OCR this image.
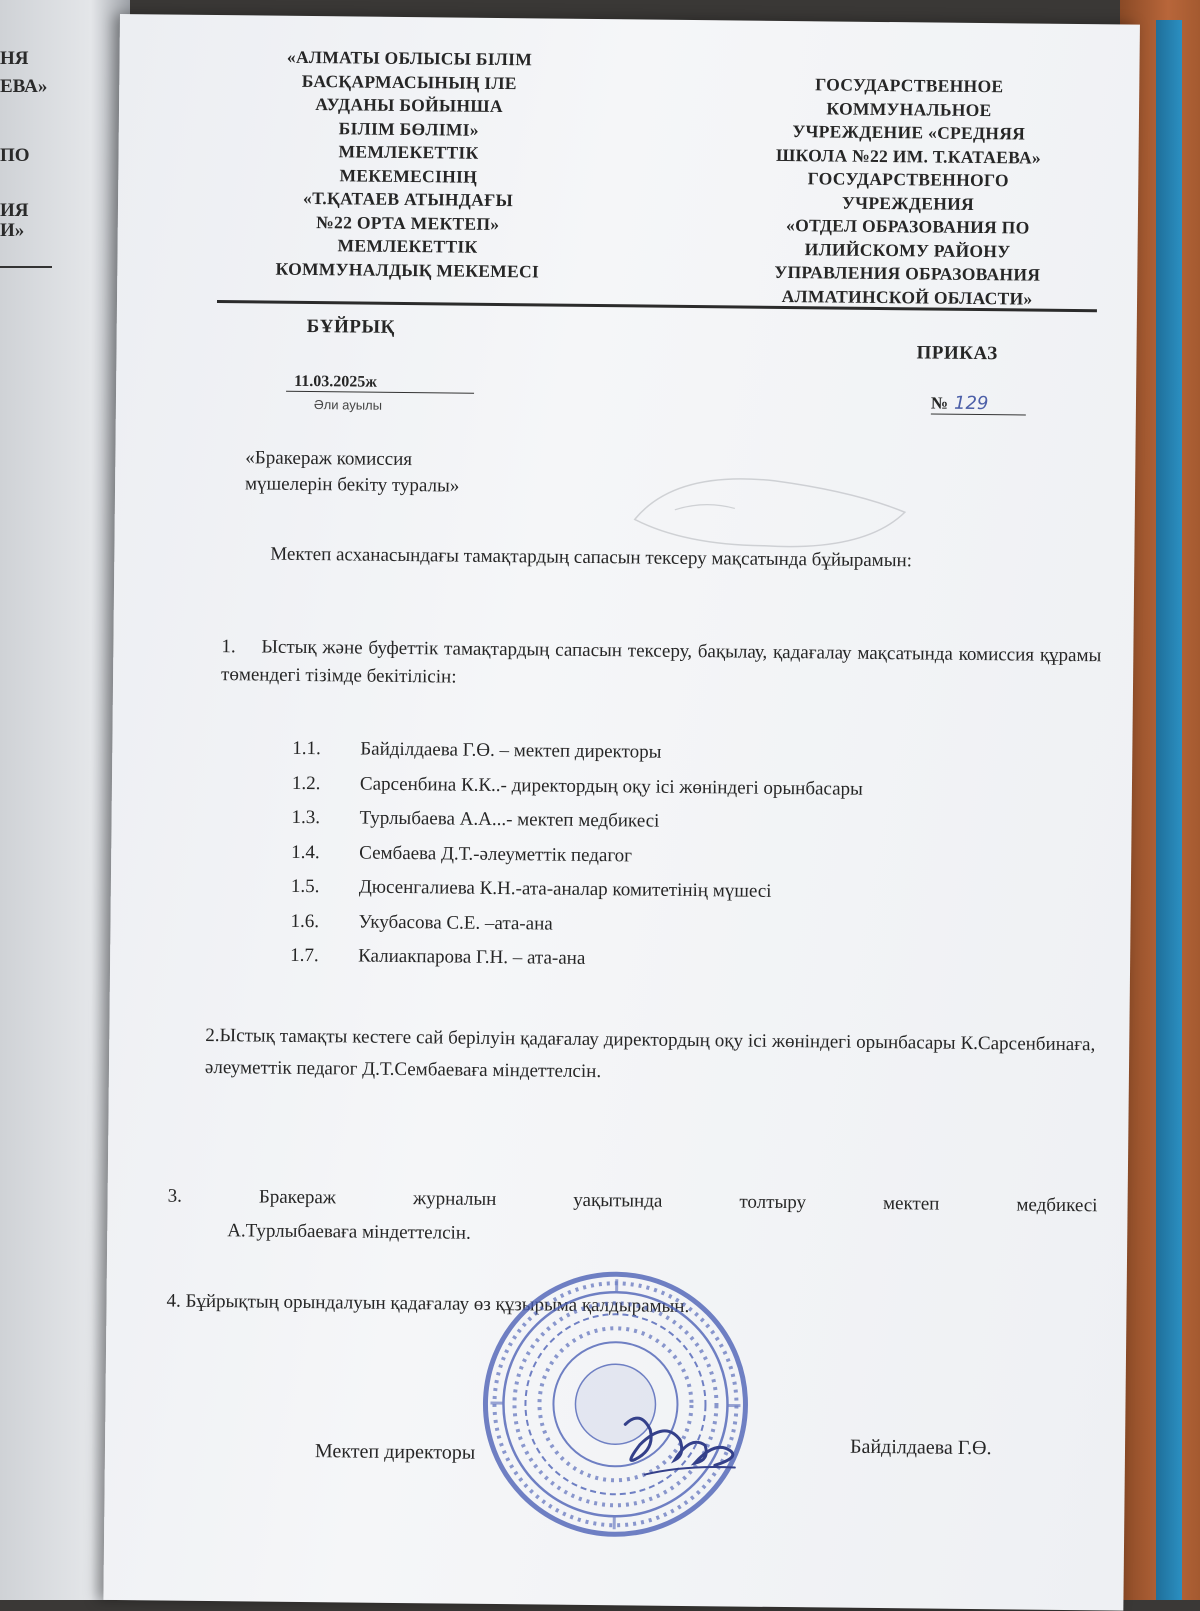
НЯ
ЕВА»
ПО
ИЯ
И»
«АЛМАТЫ ОБЛЫСЫ БІЛІМ
БАСҚАРМАСЫНЫҢ ІЛЕ
АУДАНЫ БОЙЫНША
БІЛІМ БӨЛІМІ»
МЕМЛЕКЕТТІК
МЕКЕМЕСІНІҢ
«Т.ҚАТАЕВ АТЫНДАҒЫ
№22 ОРТА МЕКТЕП»
МЕМЛЕКЕТТІК
КОММУНАЛДЫҚ МЕКЕМЕСІ
ГОСУДАРСТВЕННОЕ
КОММУНАЛЬНОЕ
УЧРЕЖДЕНИЕ «СРЕДНЯЯ
ШКОЛА №22 ИМ. Т.КАТАЕВА»
ГОСУДАРСТВЕННОГО
УЧРЕЖДЕНИЯ
«ОТДЕЛ ОБРАЗОВАНИЯ ПО
ИЛИЙСКОМУ РАЙОНУ
УПРАВЛЕНИЯ ОБРАЗОВАНИЯ
АЛМАТИНСКОЙ ОБЛАСТИ»
БҰЙРЫҚ
ПРИКАЗ
11.03.2025ж
Әли ауылы	№ 129
«Бракераж комиссия
мүшелерін бекіту туралы»
Мектеп асханасындағы тамақтардың сапасын тексеру мақсатында бұйырамын:
1. Ыстық және буфеттік тамақтардың сапасын тексеру, бақылау, қадағалау мақсатында комиссия құрамы төмендегі тізімде бекітілісін:
1.1. Байділдаева Г.Ө. – мектеп директоры
1.2. Сарсенбина К.К..- директордың оқу ісі жөніндегі орынбасары
1.3. Турлыбаева А.А...- мектеп медбикесі
1.4. Сембаева Д.Т.-әлеуметтік педагог
1.5. Дюсенгалиева К.Н.-ата-аналар комитетінің мүшесі
1.6. Укубасова С.Е. –ата-ана
1.7. Калиакпарова Г.Н. – ата-ана
2.Ыстық тамақты кестеге сай берілуін қадағалау директордың оқу ісі жөніндегі орынбасары К.Сарсенбинаға, әлеуметтік педагог Д.Т.Сембаеваға міндеттелсін.
3.	Бракераж	журналын	уақытында	толтыру	мектеп	медбикесі
А.Турлыбаеваға міндеттелсін.
4. Бұйрықтың орындалуын қадағалау өз құзырыма қалдырамын.
Мектеп директоры	Байділдаева Г.Ө.
